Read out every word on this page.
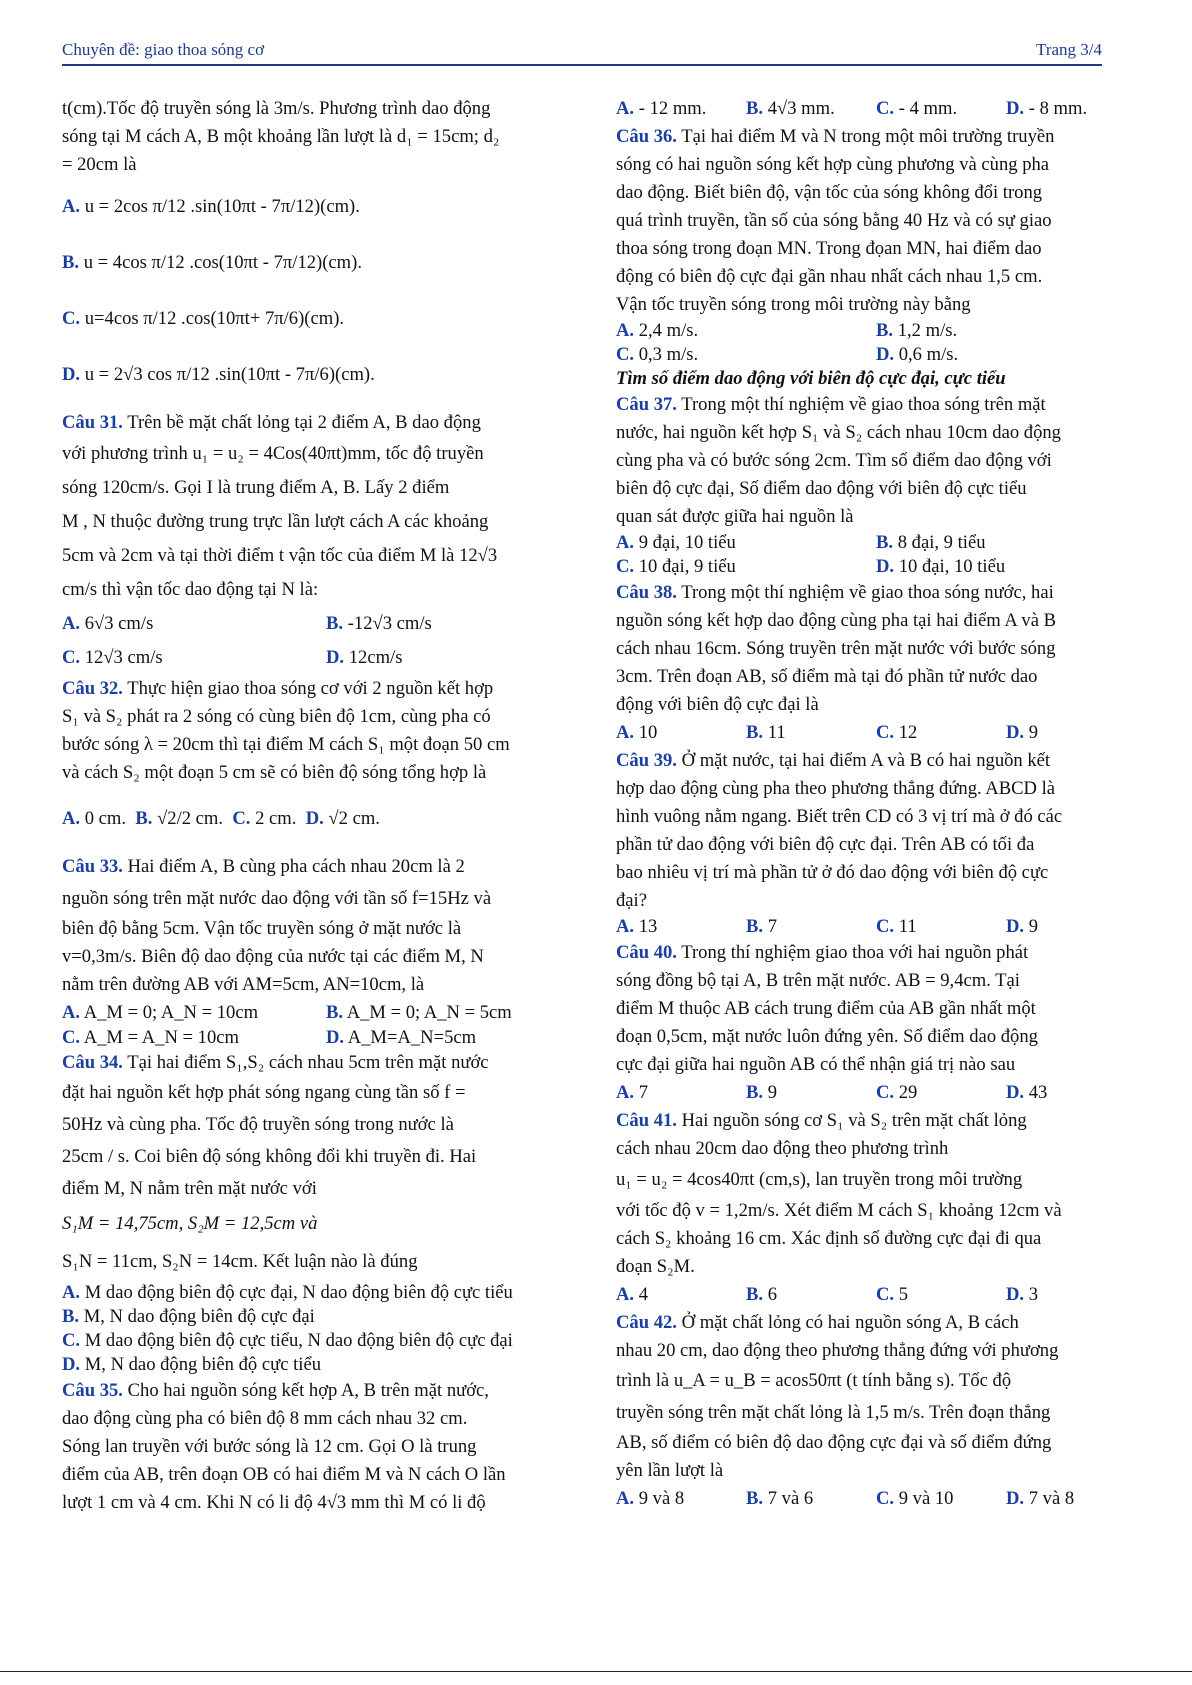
Chuyên đề: giao thoa sóng cơ	Trang 3/4
t(cm).Tốc độ truyền sóng là 3m/s. Phương trình dao động
sóng tại M cách A, B một khoảng lần lượt là d₁ = 15cm; d₂
= 20cm là
A. u = 2cos π/12 .sin(10πt - 7π/12)(cm).
B. u = 4cos π/12 .cos(10πt - 7π/12)(cm).
C. u=4cos π/12 .cos(10πt+ 7π/6)(cm).
D. u = 2√3 cos π/12 .sin(10πt - 7π/6)(cm).
Câu 31. Trên bề mặt chất lỏng tại 2 điểm A, B dao động
với phương trình u₁ = u₂ = 4Cos(40πt)mm, tốc độ truyền
sóng 120cm/s. Gọi I là trung điểm A, B. Lấy 2 điểm
M , N thuộc đường trung trực lần lượt cách A các khoảng
5cm và 2cm và tại thời điểm t vận tốc của điểm M là 12√3
cm/s thì vận tốc dao động tại N là:
A. 6√3 cm/s	B. -12√3 cm/s
C. 12√3 cm/s	D. 12cm/s
Câu 32. Thực hiện giao thoa sóng cơ với 2 nguồn kết hợp
S₁ và S₂ phát ra 2 sóng có cùng biên độ 1cm, cùng pha có
bước sóng λ = 20cm thì tại điểm M cách S₁ một đoạn 50 cm
và cách S₂ một đoạn 5 cm sẽ có biên độ sóng tổng hợp là
A. 0 cm. B. √2/2 cm. C. 2 cm. D. √2 cm.
Câu 33. Hai điểm A, B cùng pha cách nhau 20cm là 2
nguồn sóng trên mặt nước dao động với tần số f=15Hz và
biên độ bằng 5cm. Vận tốc truyền sóng ở mặt nước là
v=0,3m/s. Biên độ dao động của nước tại các điểm M, N
nằm trên đường AB với AM=5cm, AN=10cm, là
A. A_M = 0; A_N = 10cm	B. A_M = 0; A_N = 5cm
C. A_M = A_N = 10cm	D. A_M=A_N=5cm
Câu 34. Tại hai điểm S₁,S₂ cách nhau 5cm trên mặt nước
đặt hai nguồn kết hợp phát sóng ngang cùng tần số f =
50Hz và cùng pha. Tốc độ truyền sóng trong nước là
25cm / s. Coi biên độ sóng không đổi khi truyền đi. Hai
điểm M, N nằm trên mặt nước với
S₁M = 14,75cm, S₂M = 12,5cm và
S₁N = 11cm, S₂N = 14cm. Kết luận nào là đúng
A. M dao động biên độ cực đại, N dao động biên độ cực tiểu
B. M, N dao động biên độ cực đại
C. M dao động biên độ cực tiểu, N dao động biên độ cực đại
D. M, N dao động biên độ cực tiểu
Câu 35. Cho hai nguồn sóng kết hợp A, B trên mặt nước,
dao động cùng pha có biên độ 8 mm cách nhau 32 cm.
Sóng lan truyền với bước sóng là 12 cm. Gọi O là trung
điểm của AB, trên đoạn OB có hai điểm M và N cách O lần
lượt 1 cm và 4 cm. Khi N có li độ 4√3 mm thì M có li độ
A. - 12 mm.	B. 4√3 mm.	C. - 4 mm.	D. - 8 mm.
Câu 36. Tại hai điểm M và N trong một môi trường truyền
sóng có hai nguồn sóng kết hợp cùng phương và cùng pha
dao động. Biết biên độ, vận tốc của sóng không đổi trong
quá trình truyền, tần số của sóng bằng 40 Hz và có sự giao
thoa sóng trong đoạn MN. Trong đọan MN, hai điểm dao
động có biên độ cực đại gần nhau nhất cách nhau 1,5 cm.
Vận tốc truyền sóng trong môi trường này bằng
A. 2,4 m/s.	B. 1,2 m/s.
C. 0,3 m/s.	D. 0,6 m/s.
Tìm số điểm dao động với biên độ cực đại, cực tiểu
Câu 37. Trong một thí nghiệm về giao thoa sóng trên mặt
nước, hai nguồn kết hợp S₁ và S₂ cách nhau 10cm dao động
cùng pha và có bước sóng 2cm. Tìm số điểm dao động với
biên độ cực đại, Số điểm dao động với biên độ cực tiểu
quan sát được giữa hai nguồn là
A. 9 đại, 10 tiểu	B. 8 đại, 9 tiểu
C. 10 đại, 9 tiểu	D. 10 đại, 10 tiểu
Câu 38. Trong một thí nghiệm về giao thoa sóng nước, hai
nguồn sóng kết hợp dao động cùng pha tại hai điểm A và B
cách nhau 16cm. Sóng truyền trên mặt nước với bước sóng
3cm. Trên đoạn AB, số điểm mà tại đó phần tử nước dao
động với biên độ cực đại là
A. 10	B. 11	C. 12	D. 9
Câu 39. Ở mặt nước, tại hai điểm A và B có hai nguồn kết
hợp dao động cùng pha theo phương thẳng đứng. ABCD là
hình vuông nằm ngang. Biết trên CD có 3 vị trí mà ở đó các
phần tử dao động với biên độ cực đại. Trên AB có tối đa
bao nhiêu vị trí mà phần tử ở đó dao động với biên độ cực
đại?
A. 13	B. 7	C. 11	D. 9
Câu 40. Trong thí nghiệm giao thoa với hai nguồn phát
sóng đồng bộ tại A, B trên mặt nước. AB = 9,4cm. Tại
điểm M thuộc AB cách trung điểm của AB gần nhất một
đoạn 0,5cm, mặt nước luôn đứng yên. Số điểm dao động
cực đại giữa hai nguồn AB có thể nhận giá trị nào sau
A. 7	B. 9	C. 29	D. 43
Câu 41. Hai nguồn sóng cơ S₁ và S₂ trên mặt chất lỏng
cách nhau 20cm dao động theo phương trình
u₁ = u₂ = 4cos40πt (cm,s), lan truyền trong môi trường
với tốc độ v = 1,2m/s. Xét điểm M cách S₁ khoảng 12cm và
cách S₂ khoảng 16 cm. Xác định số đường cực đại đi qua
đoạn S₂M.
A. 4	B. 6	C. 5	D. 3
Câu 42. Ở mặt chất lỏng có hai nguồn sóng A, B cách
nhau 20 cm, dao động theo phương thẳng đứng với phương
trình là u_A = u_B = acos50πt (t tính bằng s). Tốc độ
truyền sóng trên mặt chất lỏng là 1,5 m/s. Trên đoạn thẳng
AB, số điểm có biên độ dao động cực đại và số điểm đứng
yên lần lượt là
A. 9 và 8	B. 7 và 6	C. 9 và 10	D. 7 và 8
